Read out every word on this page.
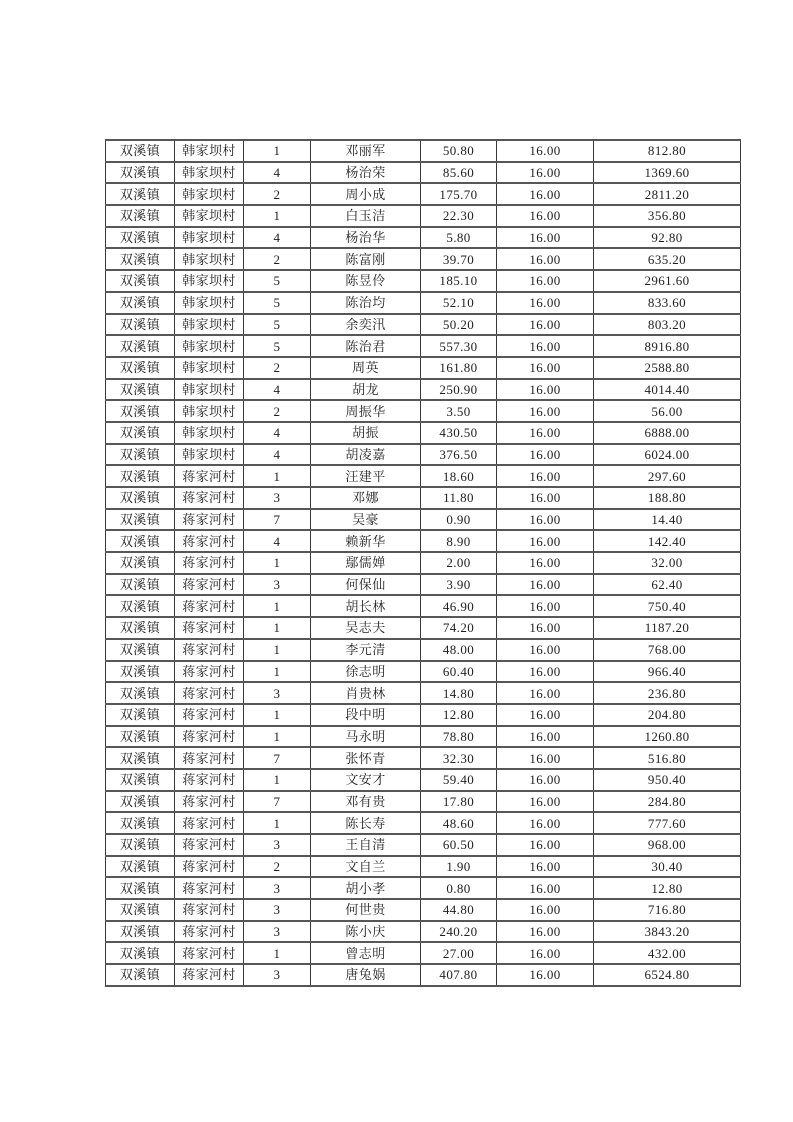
双溪镇	韩家坝村	1	邓丽军	50.80	16.00	812.80
双溪镇	韩家坝村	4	杨治荣	85.60	16.00	1369.60
双溪镇	韩家坝村	2	周小成	175.70	16.00	2811.20
双溪镇	韩家坝村	1	白玉洁	22.30	16.00	356.80
双溪镇	韩家坝村	4	杨治华	5.80	16.00	92.80
双溪镇	韩家坝村	2	陈富刚	39.70	16.00	635.20
双溪镇	韩家坝村	5	陈昱伶	185.10	16.00	2961.60
双溪镇	韩家坝村	5	陈治均	52.10	16.00	833.60
双溪镇	韩家坝村	5	余奕汛	50.20	16.00	803.20
双溪镇	韩家坝村	5	陈治君	557.30	16.00	8916.80
双溪镇	韩家坝村	2	周英	161.80	16.00	2588.80
双溪镇	韩家坝村	4	胡龙	250.90	16.00	4014.40
双溪镇	韩家坝村	2	周振华	3.50	16.00	56.00
双溪镇	韩家坝村	4	胡振	430.50	16.00	6888.00
双溪镇	韩家坝村	4	胡凌嘉	376.50	16.00	6024.00
双溪镇	蒋家河村	1	汪建平	18.60	16.00	297.60
双溪镇	蒋家河村	3	邓娜	11.80	16.00	188.80
双溪镇	蒋家河村	7	吴豪	0.90	16.00	14.40
双溪镇	蒋家河村	4	赖新华	8.90	16.00	142.40
双溪镇	蒋家河村	1	鄢儒婵	2.00	16.00	32.00
双溪镇	蒋家河村	3	何保仙	3.90	16.00	62.40
双溪镇	蒋家河村	1	胡长林	46.90	16.00	750.40
双溪镇	蒋家河村	1	吴志夫	74.20	16.00	1187.20
双溪镇	蒋家河村	1	李元清	48.00	16.00	768.00
双溪镇	蒋家河村	1	徐志明	60.40	16.00	966.40
双溪镇	蒋家河村	3	肖贵林	14.80	16.00	236.80
双溪镇	蒋家河村	1	段中明	12.80	16.00	204.80
双溪镇	蒋家河村	1	马永明	78.80	16.00	1260.80
双溪镇	蒋家河村	7	张怀青	32.30	16.00	516.80
双溪镇	蒋家河村	1	文安才	59.40	16.00	950.40
双溪镇	蒋家河村	7	邓有贵	17.80	16.00	284.80
双溪镇	蒋家河村	1	陈长寿	48.60	16.00	777.60
双溪镇	蒋家河村	3	王自清	60.50	16.00	968.00
双溪镇	蒋家河村	2	文自兰	1.90	16.00	30.40
双溪镇	蒋家河村	3	胡小孝	0.80	16.00	12.80
双溪镇	蒋家河村	3	何世贵	44.80	16.00	716.80
双溪镇	蒋家河村	3	陈小庆	240.20	16.00	3843.20
双溪镇	蒋家河村	1	曾志明	27.00	16.00	432.00
双溪镇	蒋家河村	3	唐兔娲	407.80	16.00	6524.80
